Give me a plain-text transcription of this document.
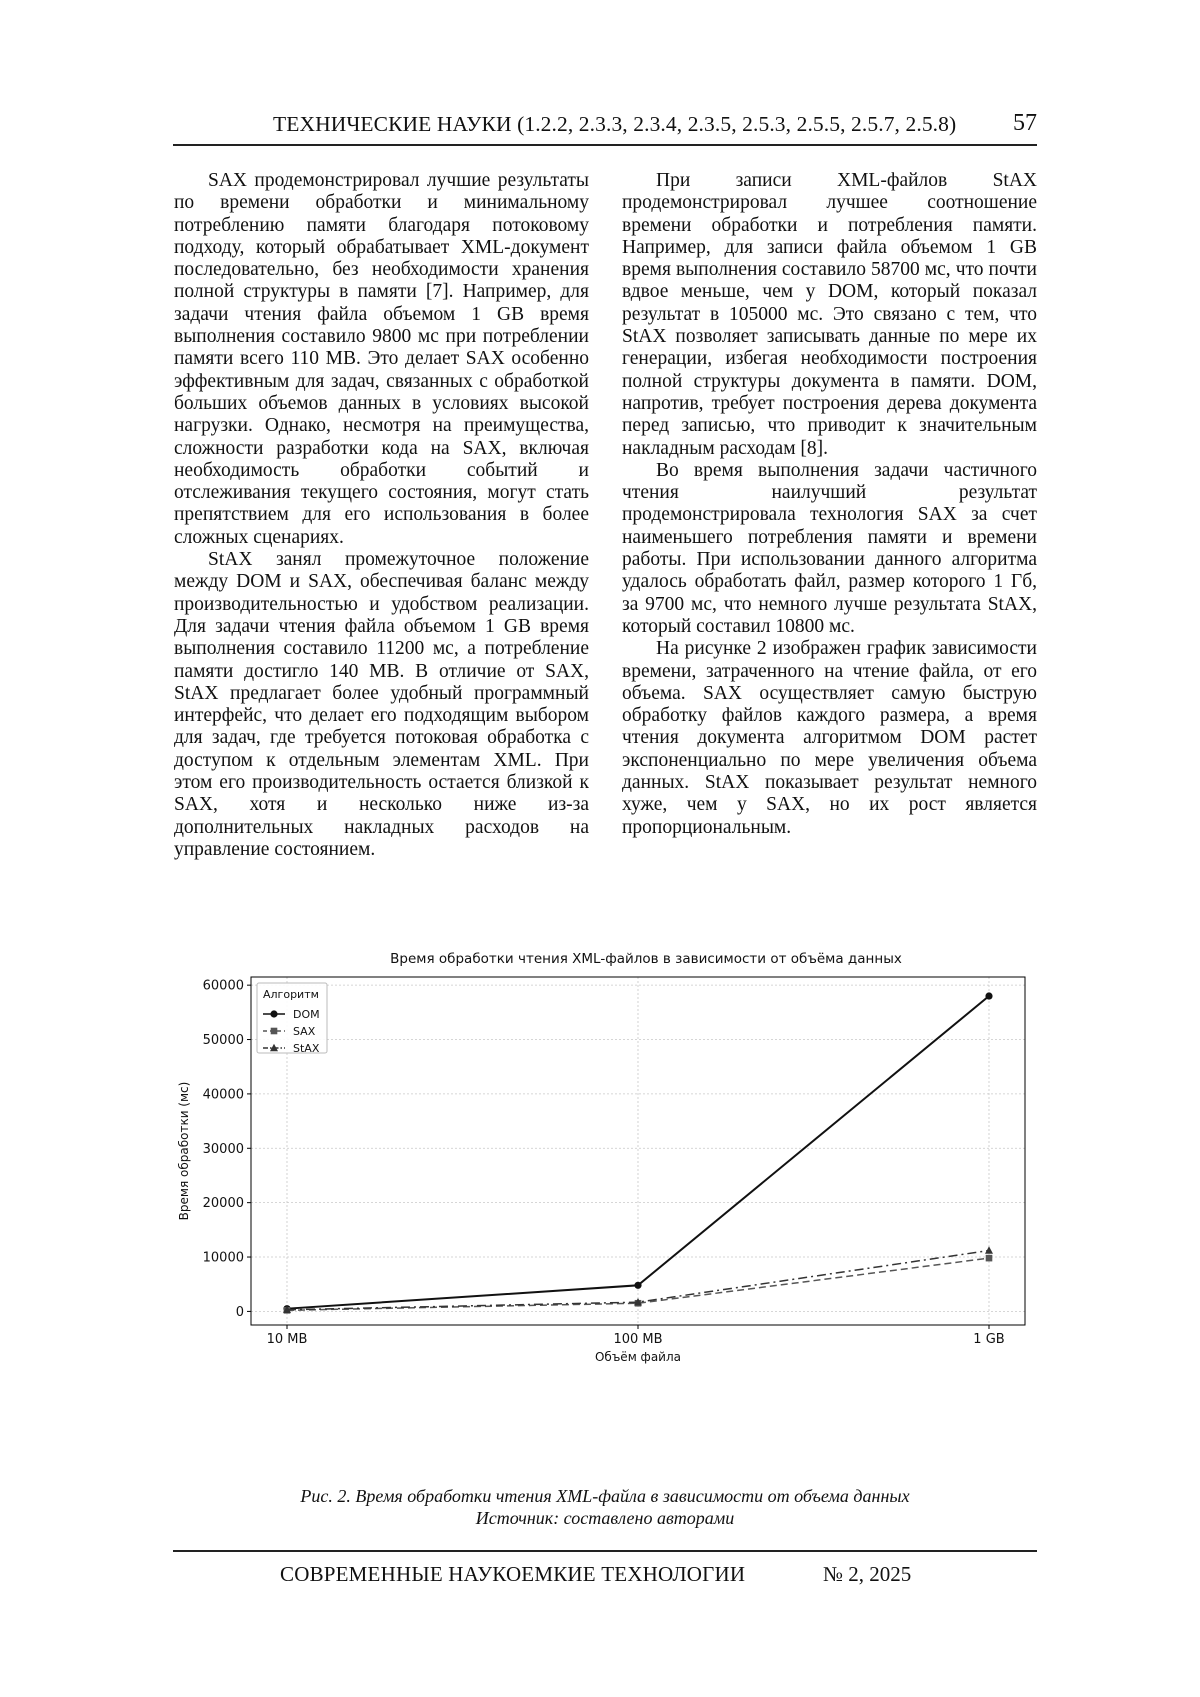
ТЕХНИЧЕСКИЕ НАУКИ (1.2.2, 2.3.3, 2.3.4, 2.3.5, 2.5.3, 2.5.5, 2.5.7, 2.5.8) 57

SAX продемонстрировал лучшие результаты по времени обработки и минимальному потреблению памяти благодаря потоковому подходу, который обрабатывает XML-документ последовательно, без необходимости хранения полной структуры в памяти [7]. Например, для задачи чтения файла объемом 1 GB время выполнения составило 9800 мс при потреблении памяти всего 110 MB. Это делает SAX особенно эффективным для задач, связанных с обработкой больших объемов данных в условиях высокой нагрузки. Однако, несмотря на преимущества, сложности разработки кода на SAX, включая необходимость обработки событий и отслеживания текущего состояния, могут стать препятствием для его использования в более сложных сценариях.

StAX занял промежуточное положение между DOM и SAX, обеспечивая баланс между производительностью и удобством реализации. Для задачи чтения файла объемом 1 GB время выполнения составило 11200 мс, а потребление памяти достигло 140 MB. В отличие от SAX, StAX предлагает более удобный программный интерфейс, что делает его подходящим выбором для задач, где требуется потоковая обработка с доступом к отдельным элементам XML. При этом его производительность остается близкой к SAX, хотя и несколько ниже из-за дополнительных накладных расходов на управление состоянием.

При записи XML-файлов StAX продемонстрировал лучшее соотношение времени обработки и потребления памяти. Например, для записи файла объемом 1 GB время выполнения составило 58700 мс, что почти вдвое меньше, чем у DOM, который показал результат в 105000 мс. Это связано с тем, что StAX позволяет записывать данные по мере их генерации, избегая необходимости построения полной структуры документа в памяти. DOM, напротив, требует построения дерева документа перед записью, что приводит к значительным накладным расходам [8].

Во время выполнения задачи частичного чтения наилучший результат продемонстрировала технология SAX за счет наименьшего потребления памяти и времени работы. При использовании данного алгоритма удалось обработать файл, размер которого 1 Гб, за 9700 мс, что немного лучше результата StAX, который составил 10800 мс.

На рисунке 2 изображен график зависимости времени, затраченного на чтение файла, от его объема. SAX осуществляет самую быструю обработку файлов каждого размера, а время чтения документа алгоритмом DOM растет экспоненциально по мере увеличения объема данных. StAX показывает результат немного хуже, чем у SAX, но их рост является пропорциональным.

Время обработки чтения XML-файлов в зависимости от объёма данных
0
10000
20000
30000
40000
50000
60000
10 MB	100 MB	1 GB
Объём файла
Время обработки (мс)
Алгоритм
DOM
SAX
StAX
Рис. 2. Время обработки чтения XML-файла в зависимости от объема данных
Источник: составлено авторами
СОВРЕМЕННЫЕ НАУКОЕМКИЕ ТЕХНОЛОГИИ	№ 2, 2025
